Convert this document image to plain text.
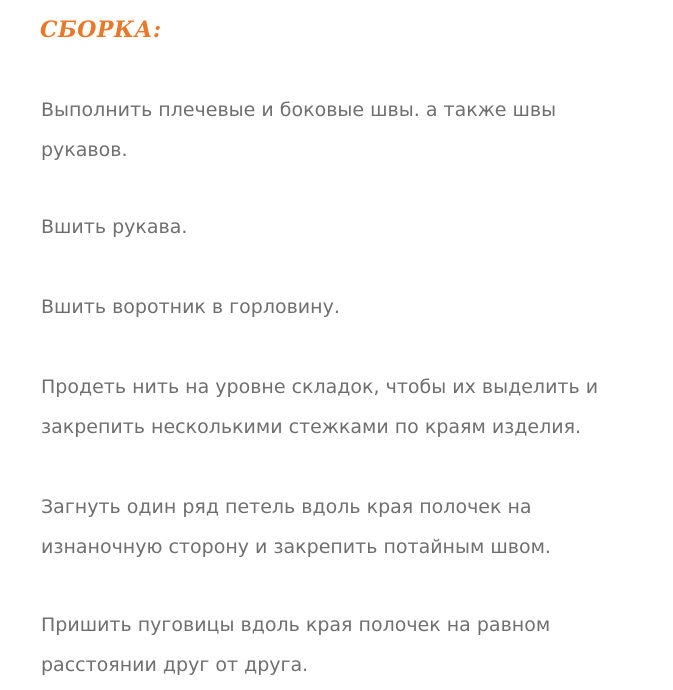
СБОРКА:

Выполнить плечевые и боковые швы. а также швы рукавов.

Вшить рукава.

Вшить воротник в горловину.

Продеть нить на уровне складок, чтобы их выделить и закрепить несколькими стежками по краям изделия.

Загнуть один ряд петель вдоль края полочек на изнаночную сторону и закрепить потайным швом.

Пришить пуговицы вдоль края полочек на равном расстоянии друг от друга.
